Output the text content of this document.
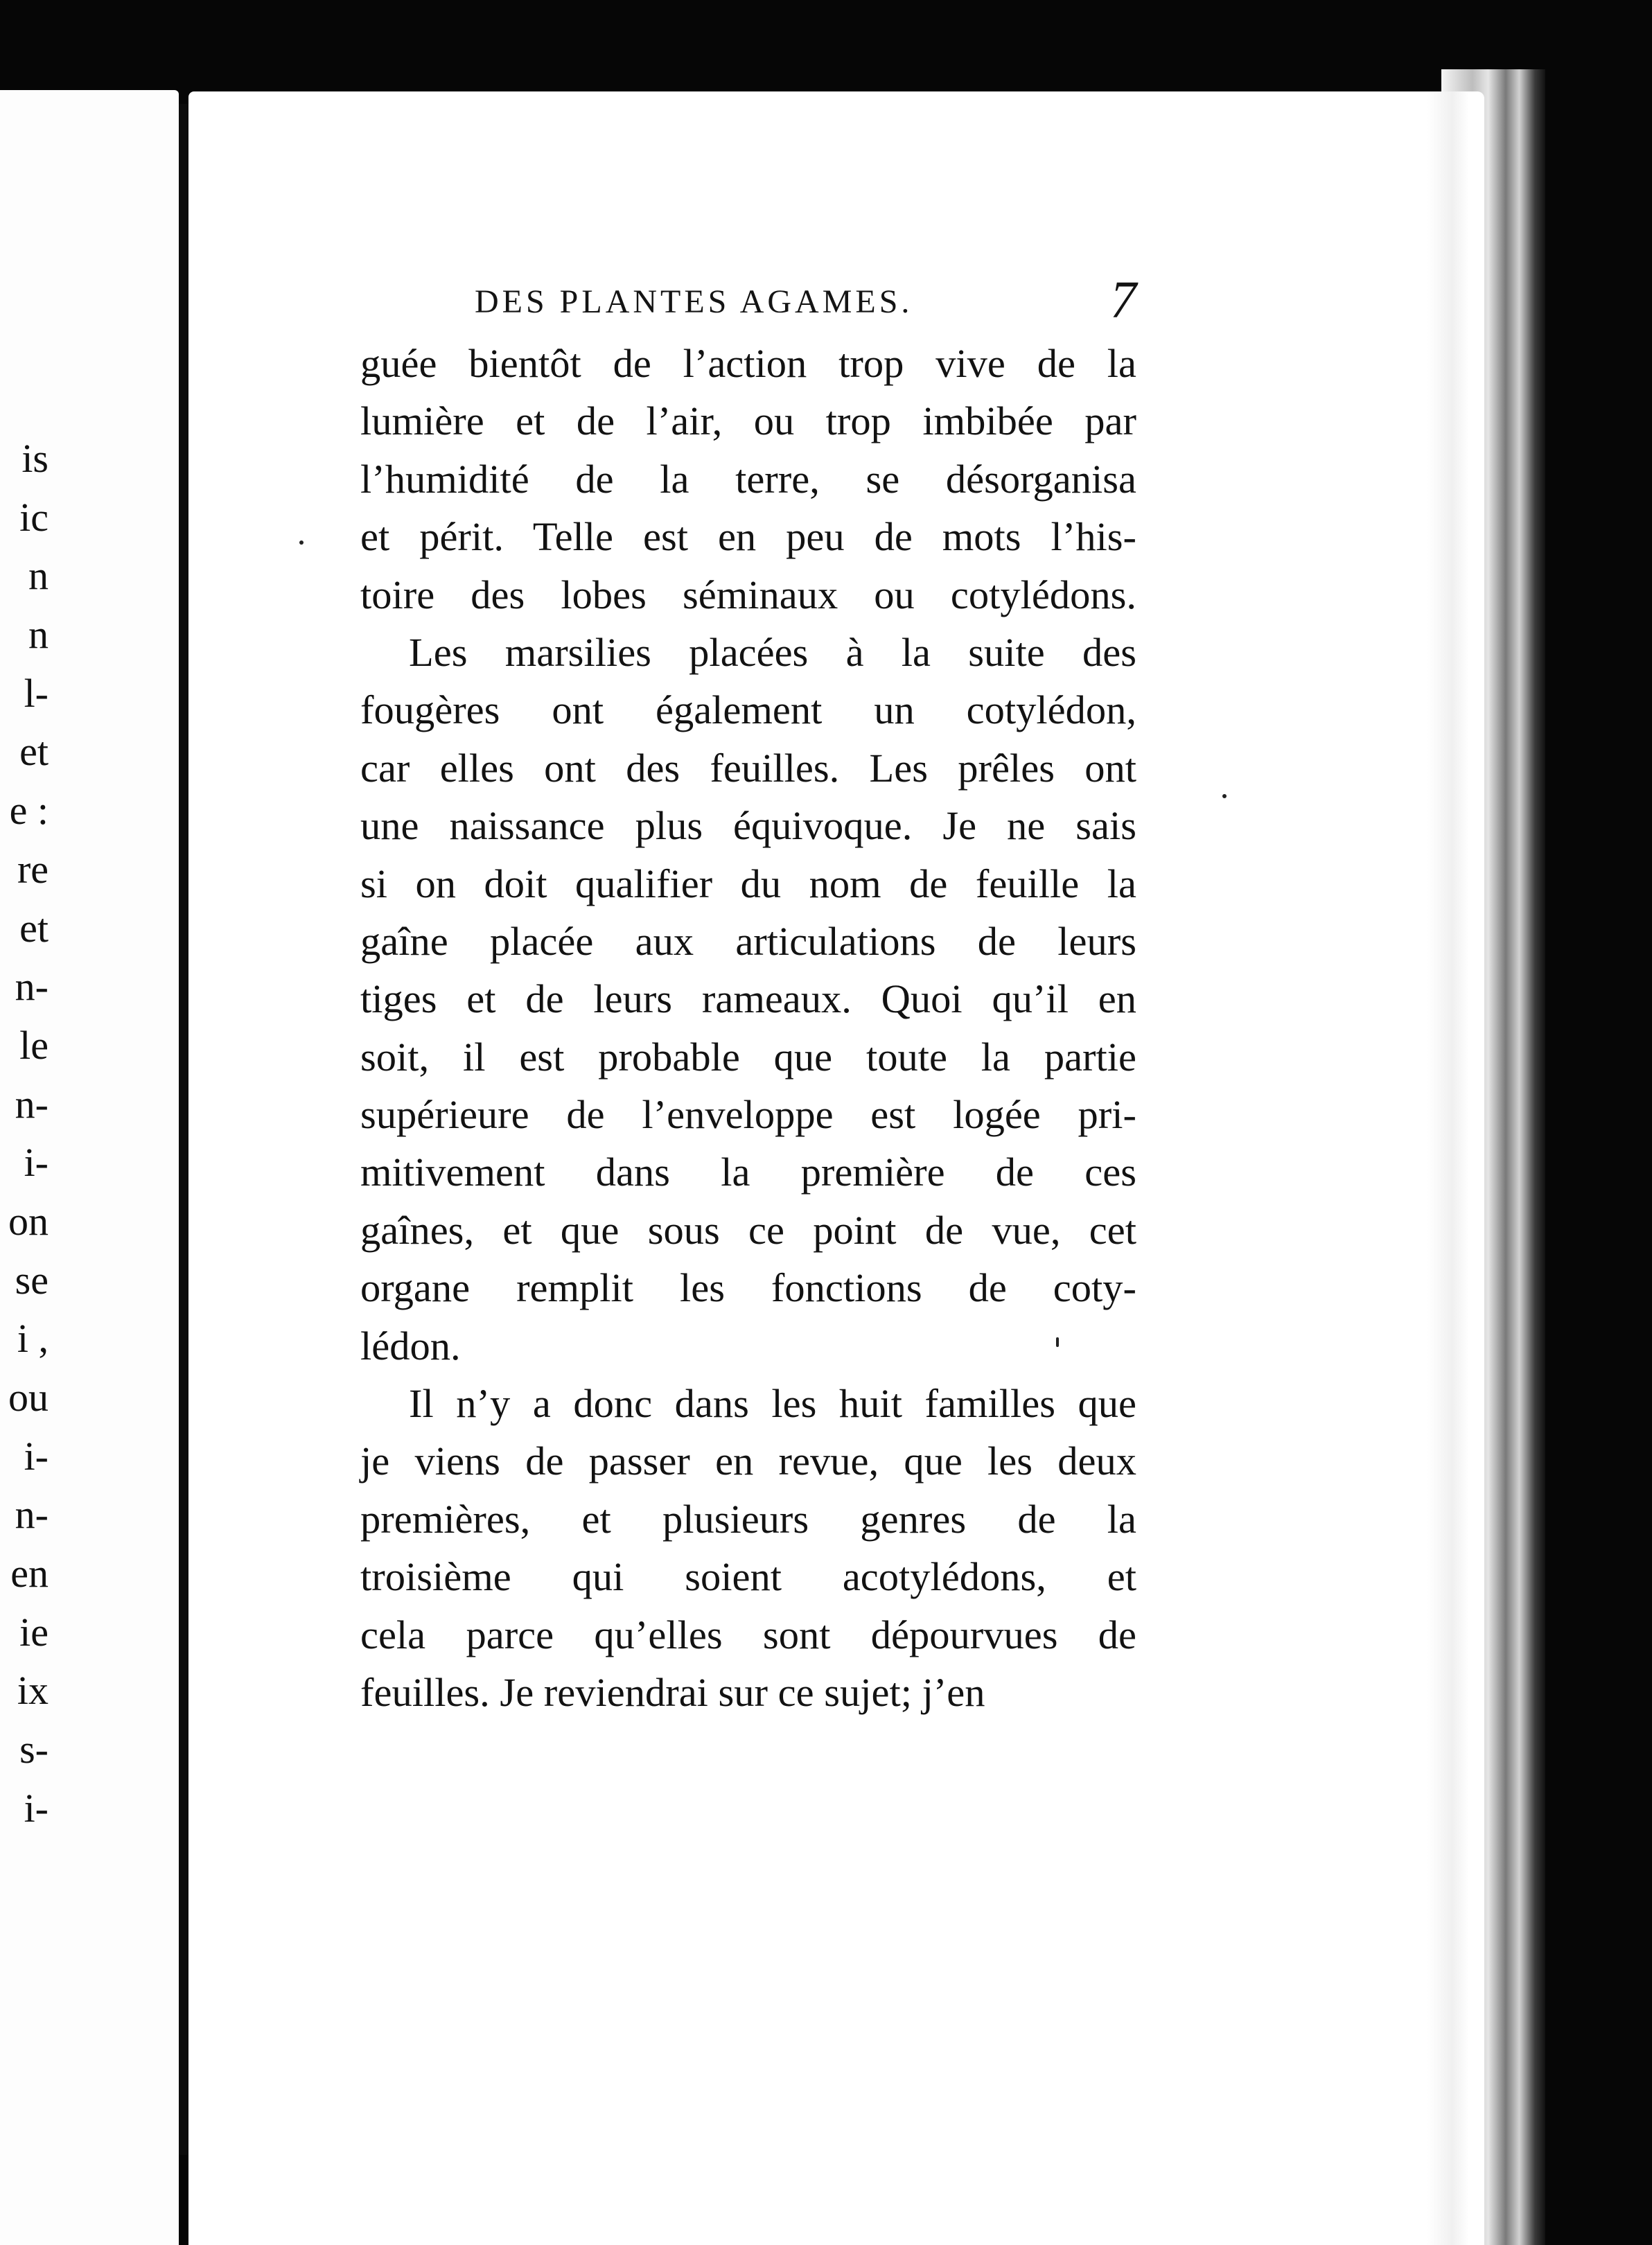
is
ic
n
n
l-
et
e :
re
et
n-
le
n-
i-
on
se
i ,
ou
i-
n-
en
ie
ix
s-
i-
DES PLANTES AGAMES.	7
guée bientôt de l’action trop vive de la
lumière et de l’air, ou trop imbibée par
l’humidité de la terre, se désorganisa
et périt. Telle est en peu de mots l’his-
toire des lobes séminaux ou cotylédons.
Les marsilies placées à la suite des
fougères ont également un cotylédon,
car elles ont des feuilles. Les prêles ont
une naissance plus équivoque. Je ne sais
si on doit qualifier du nom de feuille la
gaîne placée aux articulations de leurs
tiges et de leurs rameaux. Quoi qu’il en
soit, il est probable que toute la partie
supérieure de l’enveloppe est logée pri-
mitivement dans la première de ces
gaînes, et que sous ce point de vue, cet
organe remplit les fonctions de coty-
lédon.
Il n’y a donc dans les huit familles que
je viens de passer en revue, que les deux
premières, et plusieurs genres de la
troisième qui soient acotylédons, et
cela parce qu’elles sont dépourvues de
feuilles. Je reviendrai sur ce sujet; j’en
